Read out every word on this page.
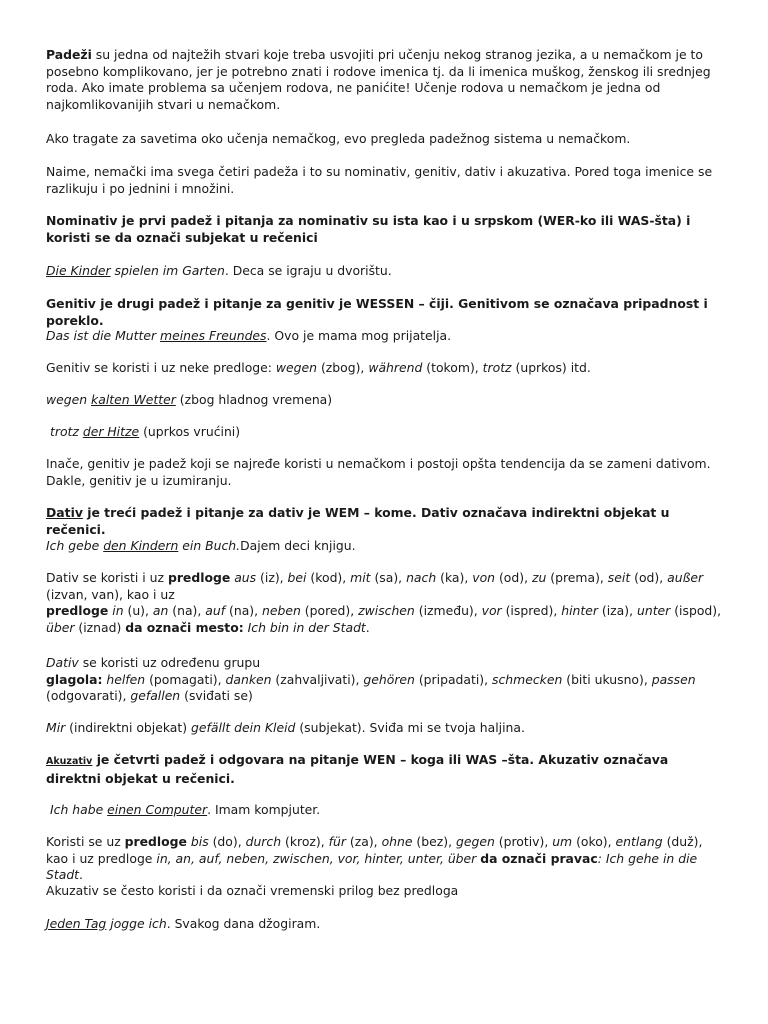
Padeži su jedna od najtežih stvari koje treba usvojiti pri učenju nekog stranog jezika, a u nemačkom je to posebno komplikovano, jer je potrebno znati i rodove imenica tj. da li imenica muškog, ženskog ili srednjeg roda. Ako imate problema sa učenjem rodova, ne panićite! Učenje rodova u nemačkom je jedna od najkomlikovanijih stvari u nemačkom.

Ako tragate za savetima oko učenja nemačkog, evo pregleda padežnog sistema u nemačkom.

Naime, nemački ima svega četiri padeža i to su nominativ, genitiv, dativ i akuzativa. Pored toga imenice se razlikuju i po jednini i množini.

Nominativ je prvi padež i pitanja za nominativ su ista kao i u srpskom (WER-ko ili WAS-šta) i koristi se da označi subjekat u rečenici

Die Kinder spielen im Garten. Deca se igraju u dvorištu.

Genitiv je drugi padež i pitanje za genitiv je WESSEN – čiji. Genitivom se označava pripadnost i poreklo.

Das ist die Mutter meines Freundes. Ovo je mama mog prijatelja.

Genitiv se koristi i uz neke predloge: wegen (zbog), während (tokom), trotz (uprkos) itd.

wegen kalten Wetter (zbog hladnog vremena)

trotz der Hitze (uprkos vrućini)

Inače, genitiv je padež koji se najređe koristi u nemačkom i postoji opšta tendencija da se zameni dativom. Dakle, genitiv je u izumiranju.

Dativ je treći padež i pitanje za dativ je WEM – kome. Dativ označava indirektni objekat u rečenici.

Ich gebe den Kindern ein Buch.Dajem deci knjigu.

Dativ se koristi i uz predloge aus (iz), bei (kod), mit (sa), nach (ka), von (od), zu (prema), seit (od), außer (izvan, van), kao i uz
predloge in (u), an (na), auf (na), neben (pored), zwischen (između), vor (ispred), hinter (iza), unter (ispod), über (iznad) da označi mesto: Ich bin in der Stadt.

Dativ se koristi uz određenu grupu
glagola: helfen (pomagati), danken (zahvaljivati), gehören (pripadati), schmecken (biti ukusno), passen (odgovarati), gefallen (sviđati se)

Mir (indirektni objekat) gefällt dein Kleid (subjekat). Sviđa mi se tvoja haljina.

Akuzativ je četvrti padež i odgovara na pitanje WEN – koga ili WAS –šta. Akuzativ označava direktni objekat u rečenici.

Ich habe einen Computer. Imam kompjuter.

Koristi se uz predloge bis (do), durch (kroz), für (za), ohne (bez), gegen (protiv), um (oko), entlang (duž), kao i uz predloge in, an, auf, neben, zwischen, vor, hinter, unter, über da označi pravac: Ich gehe in die Stadt.

Akuzativ se često koristi i da označi vremenski prilog bez predloga

Jeden Tag jogge ich. Svakog dana džogiram.
